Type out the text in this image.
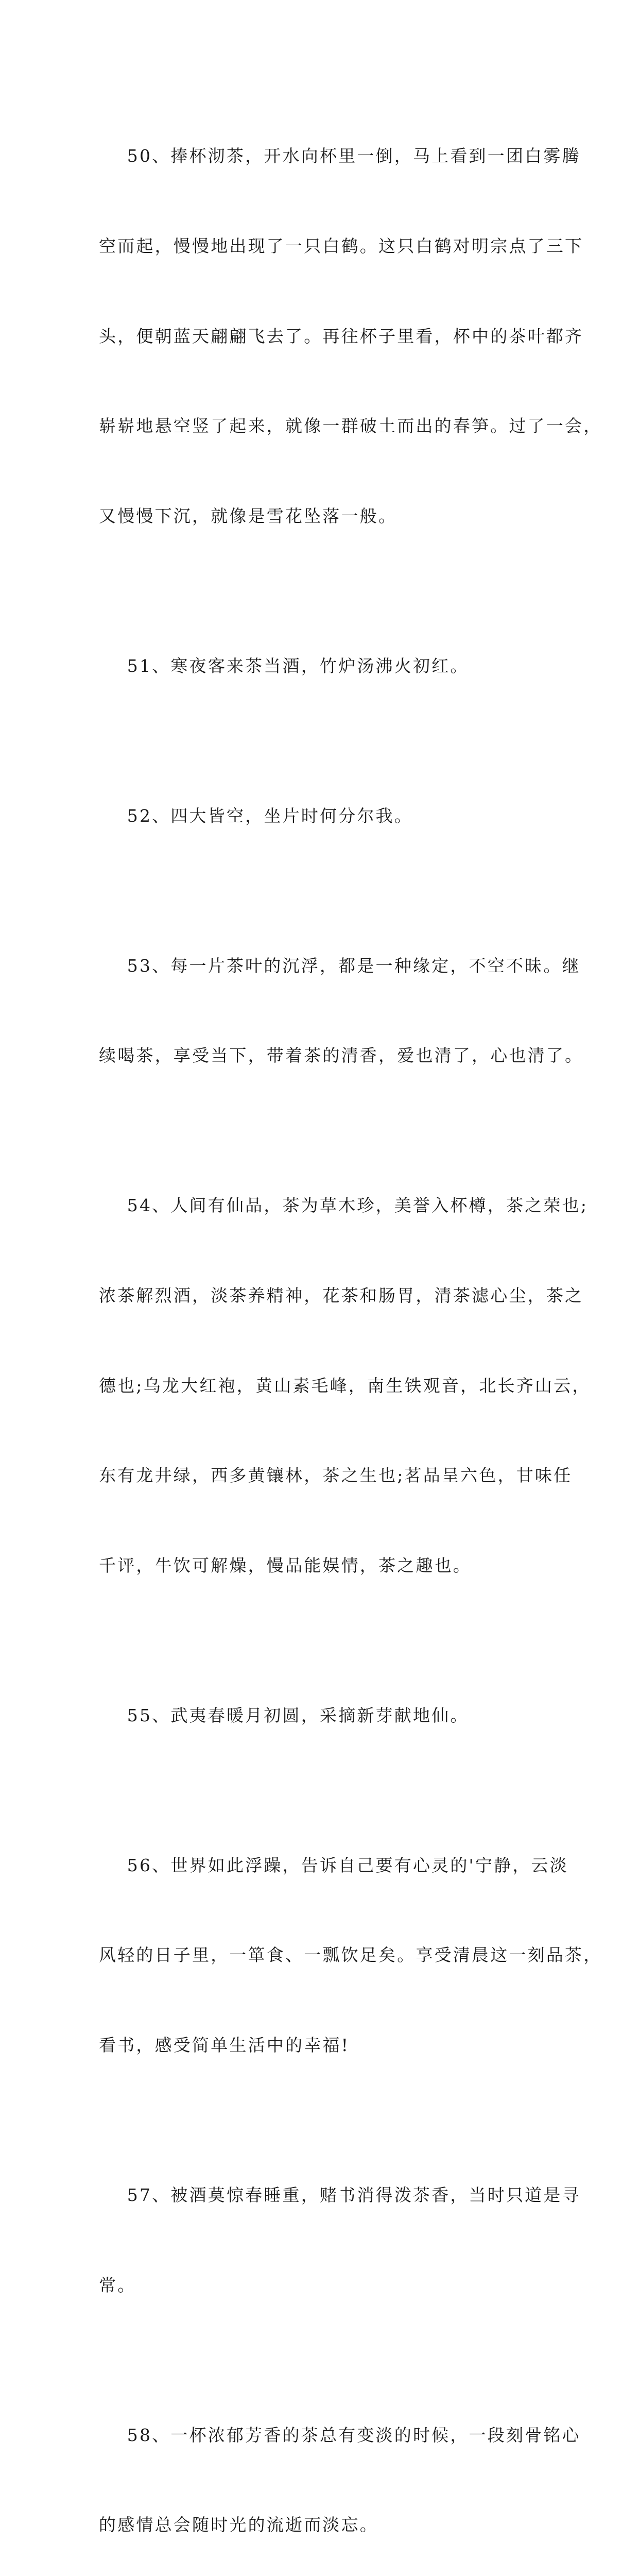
50、捧杯沏茶，开水向杯里一倒，马上看到一团白雾腾

空而起，慢慢地出现了一只白鹤。这只白鹤对明宗点了三下

头，便朝蓝天翩翩飞去了。再往杯子里看，杯中的茶叶都齐

崭崭地悬空竖了起来，就像一群破土而出的春笋。过了一会，

又慢慢下沉，就像是雪花坠落一般。

51、寒夜客来茶当酒，竹炉汤沸火初红。

52、四大皆空，坐片时何分尔我。

53、每一片茶叶的沉浮，都是一种缘定，不空不昧。继

续喝茶，享受当下，带着茶的清香，爱也清了，心也清了。

54、人间有仙品，茶为草木珍，美誉入杯樽，茶之荣也;

浓茶解烈酒，淡茶养精神，花茶和肠胃，清茶滤心尘，茶之

德也;乌龙大红袍，黄山素毛峰，南生铁观音，北长齐山云，

东有龙井绿，西多黄镶林，茶之生也;茗品呈六色，甘味任

千评，牛饮可解燥，慢品能娱情，茶之趣也。

55、武夷春暖月初圆，采摘新芽献地仙。

56、世界如此浮躁，告诉自己要有心灵的'宁静，云淡

风轻的日子里，一箪食、一瓢饮足矣。享受清晨这一刻品茶，

看书，感受简单生活中的幸福!

57、被酒莫惊春睡重，赌书消得泼茶香，当时只道是寻

常。

58、一杯浓郁芳香的茶总有变淡的时候，一段刻骨铭心

的感情总会随时光的流逝而淡忘。
